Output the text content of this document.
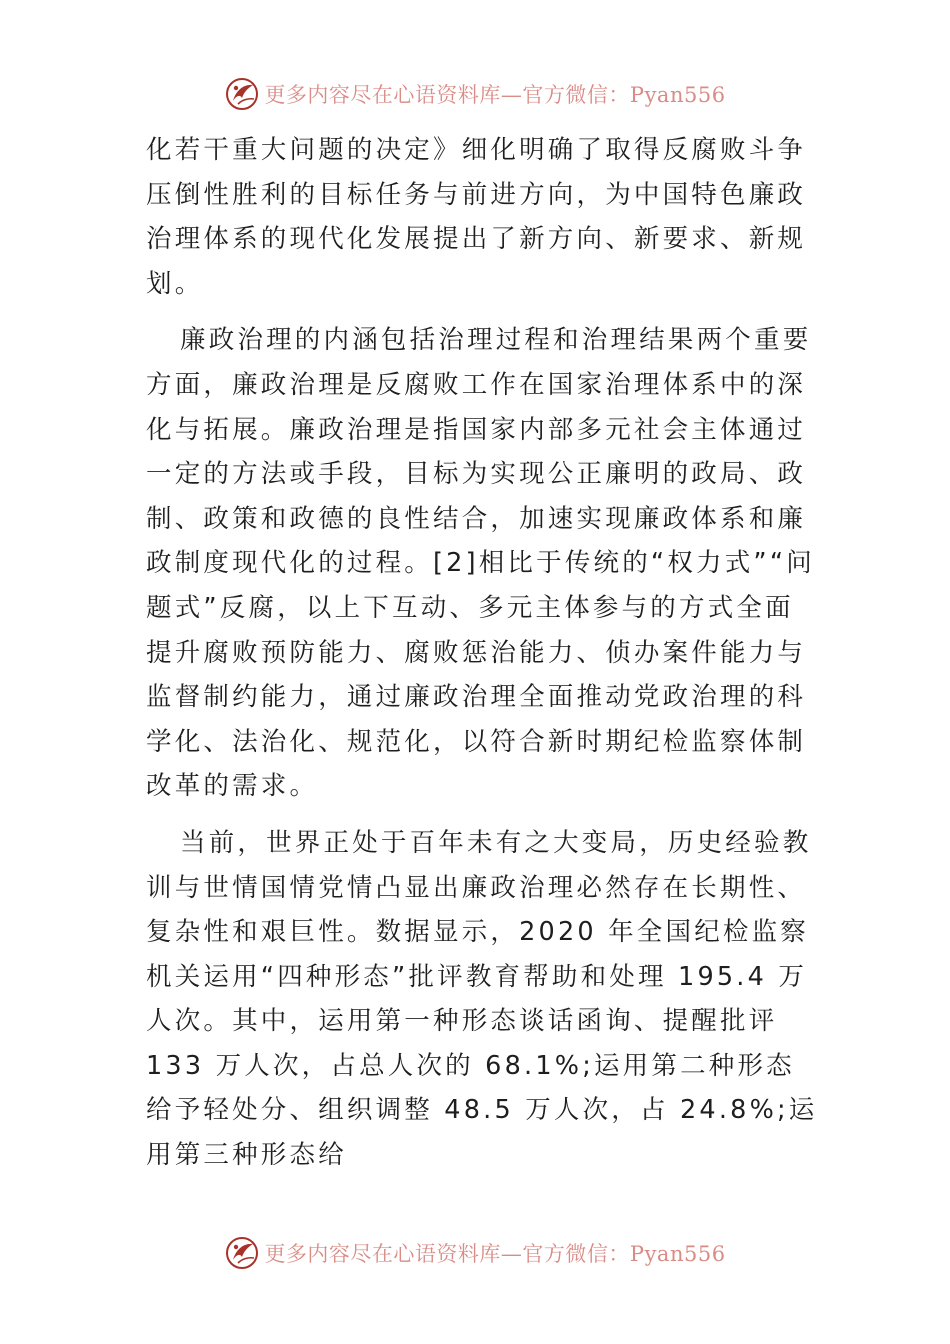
更多内容尽在心语资料库—官方微信：Pyan556

化若干重大问题的决定》细化明确了取得反腐败斗争压倒性胜利的目标任务与前进方向，为中国特色廉政治理体系的现代化发展提出了新方向、新要求、新规划。

廉政治理的内涵包括治理过程和治理结果两个重要方面，廉政治理是反腐败工作在国家治理体系中的深化与拓展。廉政治理是指国家内部多元社会主体通过一定的方法或手段，目标为实现公正廉明的政局、政制、政策和政德的良性结合，加速实现廉政体系和廉政制度现代化的过程。[2]相比于传统的“权力式”“问题式”反腐，以上下互动、多元主体参与的方式全面提升腐败预防能力、腐败惩治能力、侦办案件能力与监督制约能力，通过廉政治理全面推动党政治理的科学化、法治化、规范化，以符合新时期纪检监察体制改革的需求。

当前，世界正处于百年未有之大变局，历史经验教训与世情国情党情凸显出廉政治理必然存在长期性、复杂性和艰巨性。数据显示，2020 年全国纪检监察机关运用“四种形态”批评教育帮助和处理 195.4 万人次。其中，运用第一种形态谈话函询、提醒批评 133 万人次，占总人次的 68.1%;运用第二种形态给予轻处分、组织调整 48.5 万人次，占 24.8%;运用第三种形态给

更多内容尽在心语资料库—官方微信：Pyan556
